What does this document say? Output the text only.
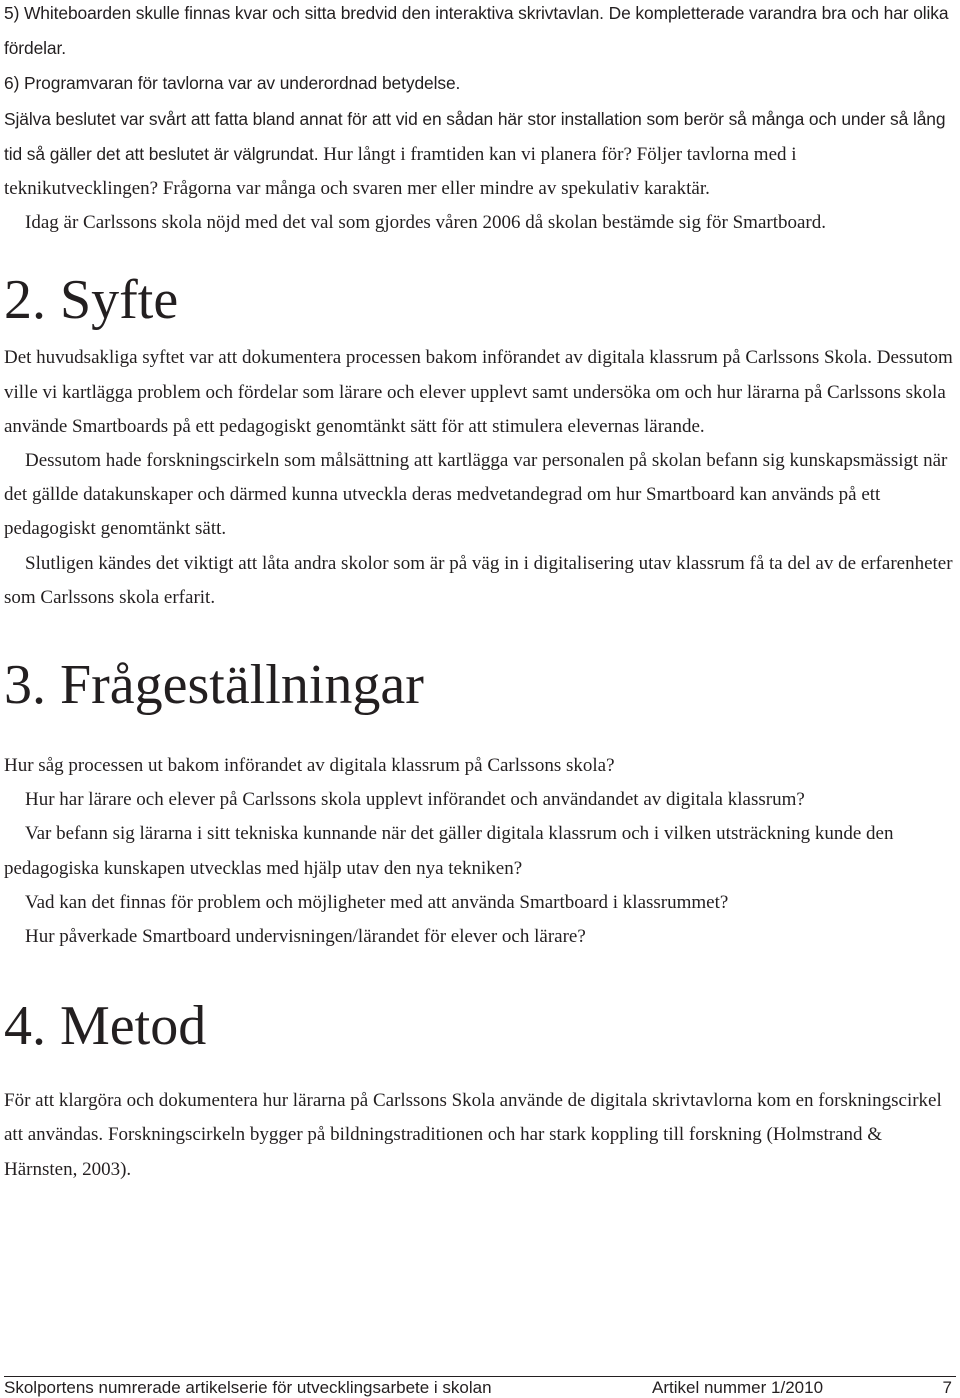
5) Whiteboarden skulle finnas kvar och sitta bredvid den interaktiva skrivtavlan. De kompletterade varandra bra och har olika fördelar.

6) Programvaran för tavlorna var av underordnad betydelse.

Själva beslutet var svårt att fatta bland annat för att vid en sådan här stor installation som berör så många och under så lång tid så gäller det att beslutet är välgrundat. Hur långt i framtiden kan vi planera för? Följer tavlorna med i teknikutvecklingen? Frågorna var många och svaren mer eller mindre av spekulativ karaktär.

Idag är Carlssons skola nöjd med det val som gjordes våren 2006 då skolan bestämde sig för Smartboard.

2. Syfte

Det huvudsakliga syftet var att dokumentera processen bakom införandet av digitala klassrum på Carlssons Skola. Dessutom ville vi kartlägga problem och fördelar som lärare och elever upplevt samt undersöka om och hur lärarna på Carlssons skola använde Smartboards på ett pedagogiskt genomtänkt sätt för att stimulera elevernas lärande.

Dessutom hade forskningscirkeln som målsättning att kartlägga var personalen på skolan befann sig kunskapsmässigt när det gällde datakunskaper och därmed kunna utveckla deras medvetandegrad om hur Smartboard kan används på ett pedagogiskt genomtänkt sätt.

Slutligen kändes det viktigt att låta andra skolor som är på väg in i digitalisering utav klassrum få ta del av de erfarenheter som Carlssons skola erfarit.

3. Frågeställningar

Hur såg processen ut bakom införandet av digitala klassrum på Carlssons skola?

Hur har lärare och elever på Carlssons skola upplevt införandet och användandet av digitala klassrum?

Var befann sig lärarna i sitt tekniska kunnande när det gäller digitala klassrum och i vilken utsträckning kunde den pedagogiska kunskapen utvecklas med hjälp utav den nya tekniken?

Vad kan det finnas för problem och möjligheter med att använda Smartboard i klassrummet?

Hur påverkade Smartboard undervisningen/lärandet för elever och lärare?

4. Metod

För att klargöra och dokumentera hur lärarna på Carlssons Skola använde de digitala skrivtavlorna kom en forskningscirkel att användas. Forskningscirkeln bygger på bildningstraditionen och har stark koppling till forskning (Holmstrand & Härnsten, 2003).

Skolportens numrerade artikelserie för utvecklingsarbete i skolan	Artikel nummer 1/2010	7
